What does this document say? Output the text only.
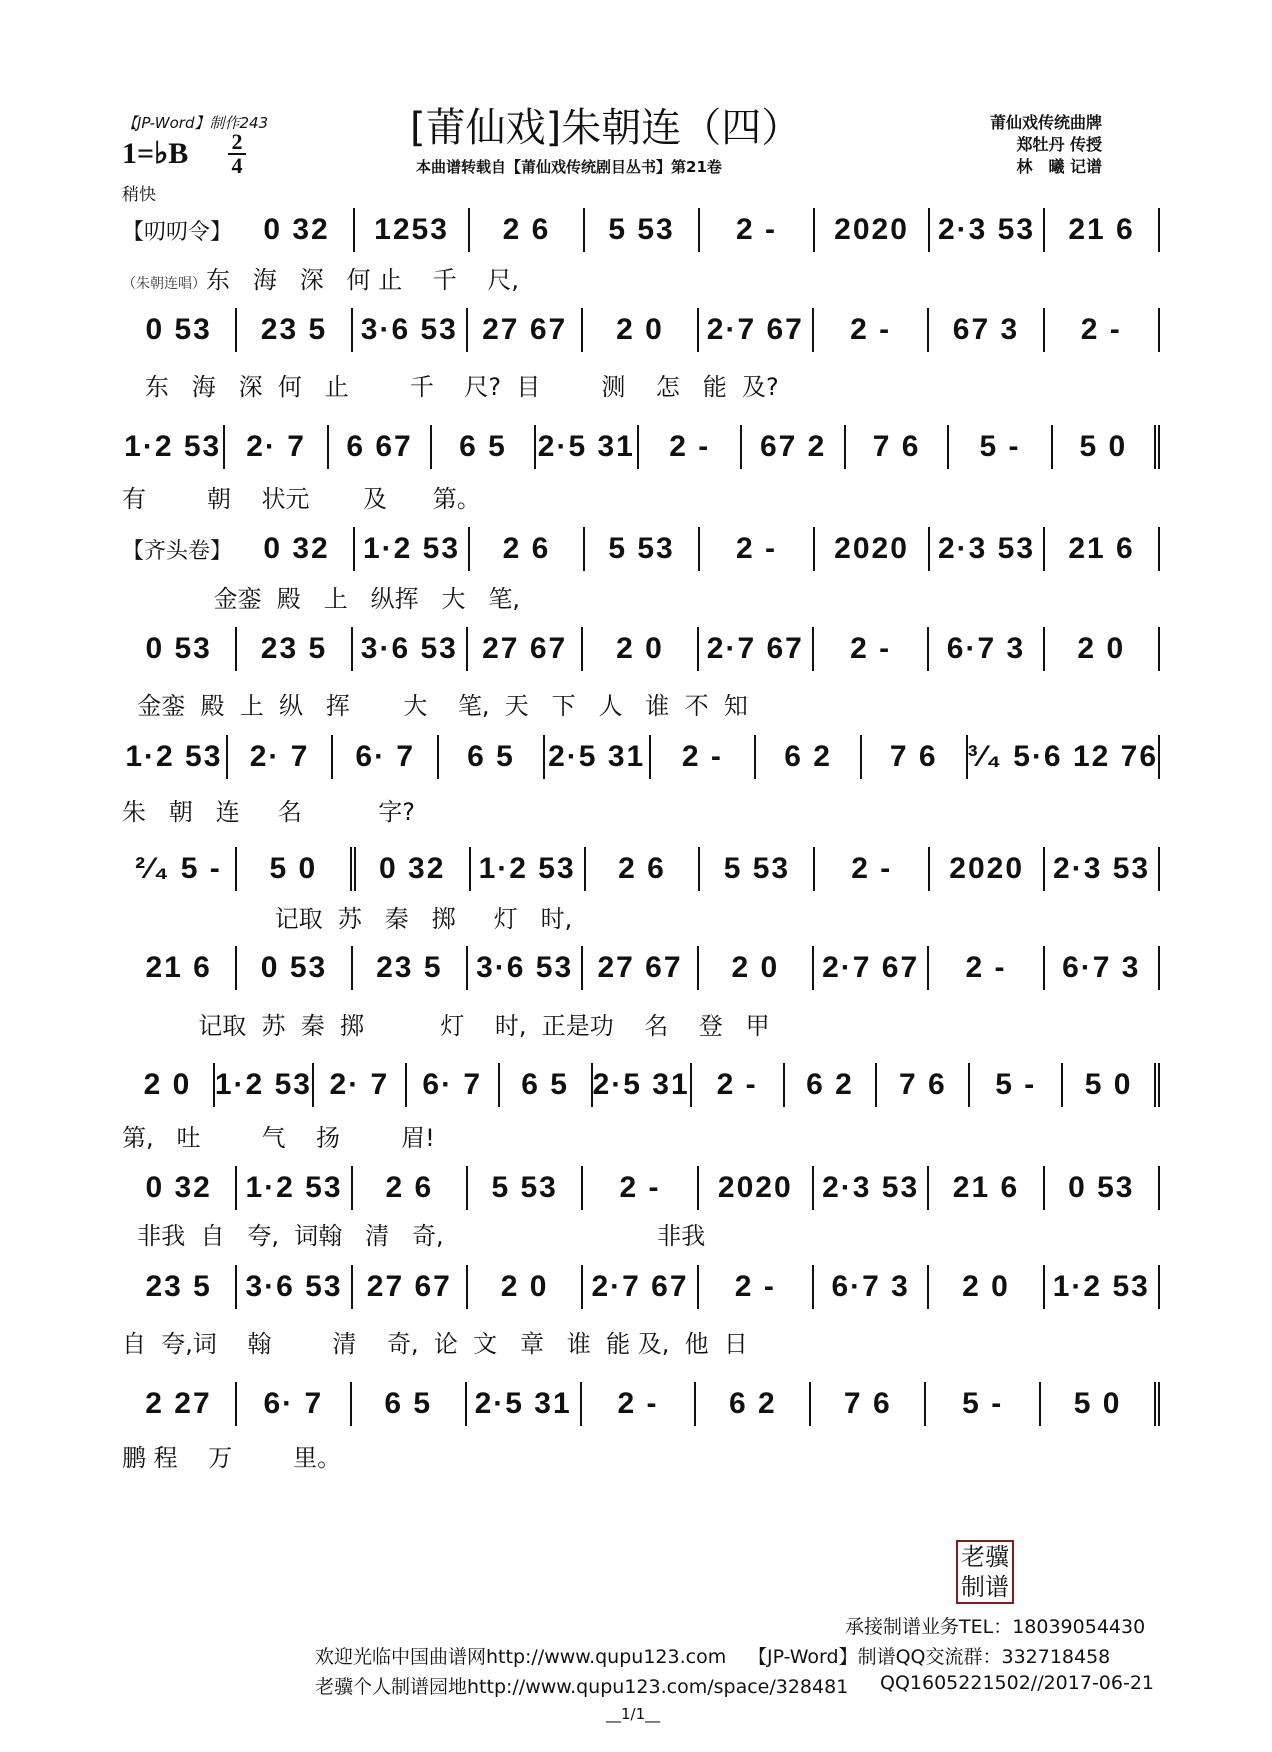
【JP-Word】制作243
1=♭B 2
4
稍快
[莆仙戏]朱朝连（四）
本曲谱转载自【莆仙戏传统剧目丛书】第21卷
莆仙戏传统曲牌
郑牡丹 传授
林　曦 记谱
【叨叨令】	0 32	1253	2 6	5 53	2 -	2020 2·3 53	21 6
（朱朝连唱）东   海   深   何 止    千    尺,
0 53	23 5	3·6 53 27 67	2 0	2·7 67	2 -	67 3	2 -
东   海   深  何   止        千    尺?  目        测    怎   能  及?
1·2 53 2· 7	6 67	6 5	2·5 31	2 -	67 2	7 6	5 -	5 0
有        朝    状元       及      第。
【齐头卷】	0 32	1·2 53	2 6	5 53	2 -	2020 2·3 53	21 6
金銮  殿   上   纵挥   大   笔,
0 53	23 5	3·6 53 27 67	2 0	2·7 67	2 -	6·7 3	2 0
金銮  殿  上  纵   挥       大    笔,  天   下   人   谁  不  知
1·2 53 2· 7	6· 7	6 5	2·5 31	2 -	6 2	7 6	³⁄₄ 5·6 12 76
朱   朝   连     名          字?
²⁄₄ 5 -	5 0	0 32	1·2 53	2 6	5 53	2 -	2020 2·3 53
记取  苏   秦   掷     灯   时,
21 6	0 53	23 5	3·6 53 27 67	2 0	2·7 67	2 -	6·7 3
记取  苏  秦  掷          灯    时,  正是功    名    登   甲
2 0 1·2 53 2· 7	6· 7	6 5 2·5 31 2 -	6 2	7 6	5 -	5 0
第,   吐        气    扬        眉!
0 32	1·2 53	2 6	5 53	2 -	2020 2·3 53	21 6	0 53
非我  自   夸,  词翰   清   奇,                            非我
23 5	3·6 53 27 67	2 0	2·7 67	2 -	6·7 3	2 0	1·2 53
自  夸,词    翰        清    奇,  论  文   章   谁  能 及,  他  日
2 27	6· 7	6 5	2·5 31	2 -	6 2	7 6	5 -	5 0
鹏 程    万        里。
老骥制谱
承接制谱业务TEL：18039054430
欢迎光临中国曲谱网http://www.qupu123.com 【JP-Word】制谱QQ交流群：332718458
老骥个人制谱园地http://www.qupu123.com/space/328481 QQ1605221502//2017-06-21
__1/1__
